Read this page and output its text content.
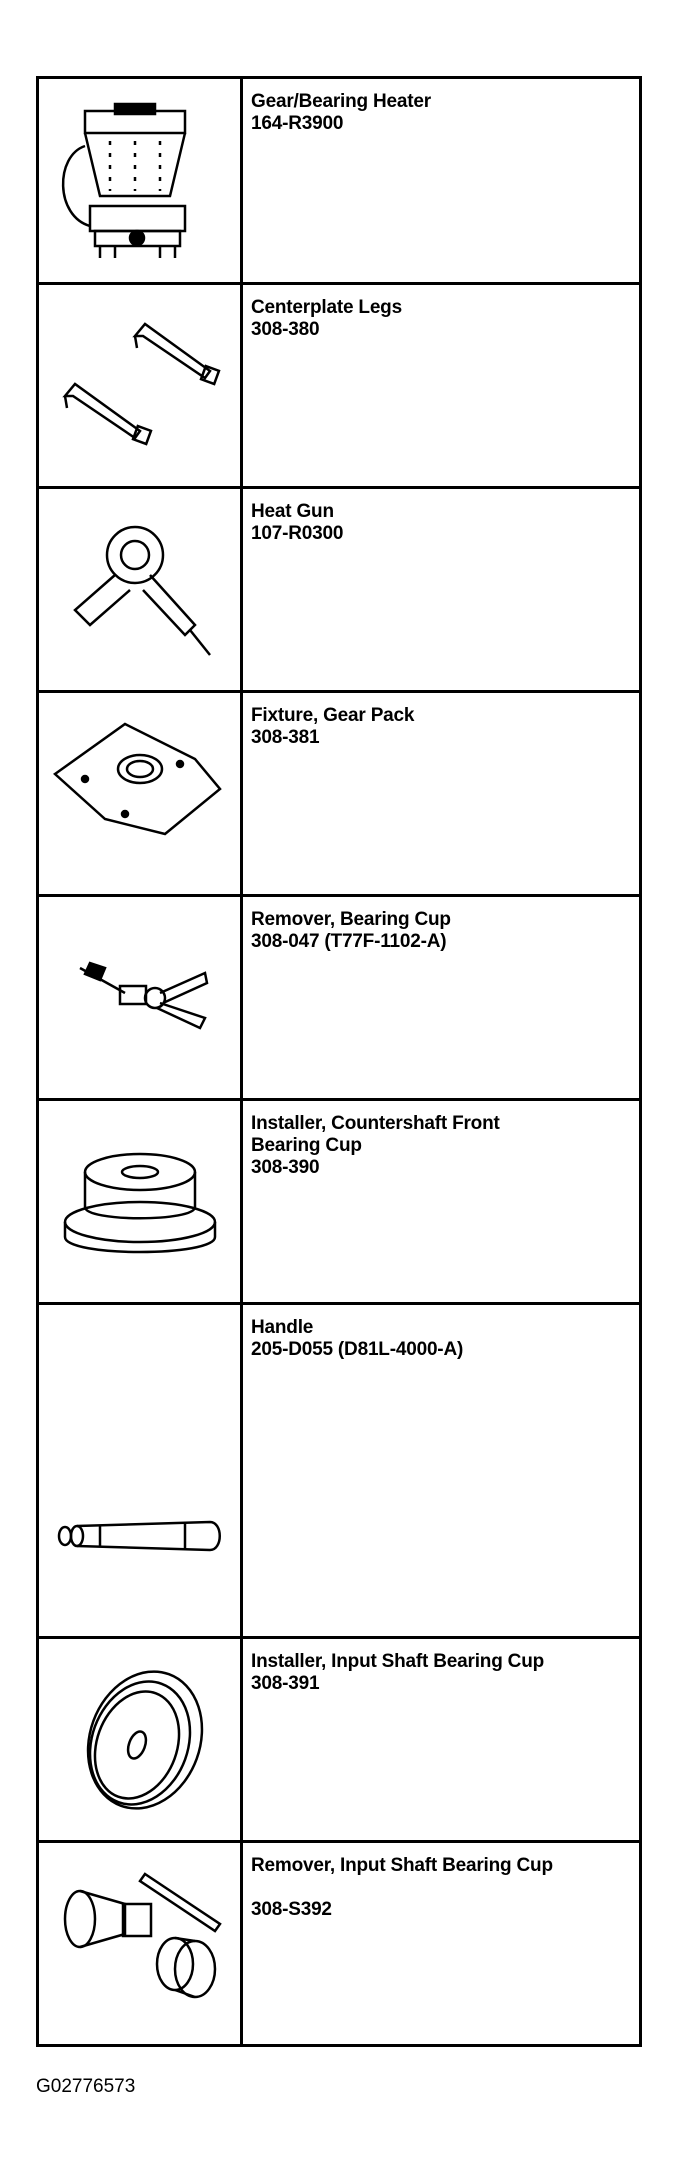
Gear/Bearing Heater
164-R3900
Centerplate Legs
308-380
Heat Gun
107-R0300
Fixture, Gear Pack
308-381
Remover, Bearing Cup
308-047 (T77F-1102-A)
Installer, Countershaft Front
Bearing Cup
308-390
Handle
205-D055 (D81L-4000-A)
Installer, Input Shaft Bearing Cup
308-391
Remover, Input Shaft Bearing Cup

308-S392
G02776573
